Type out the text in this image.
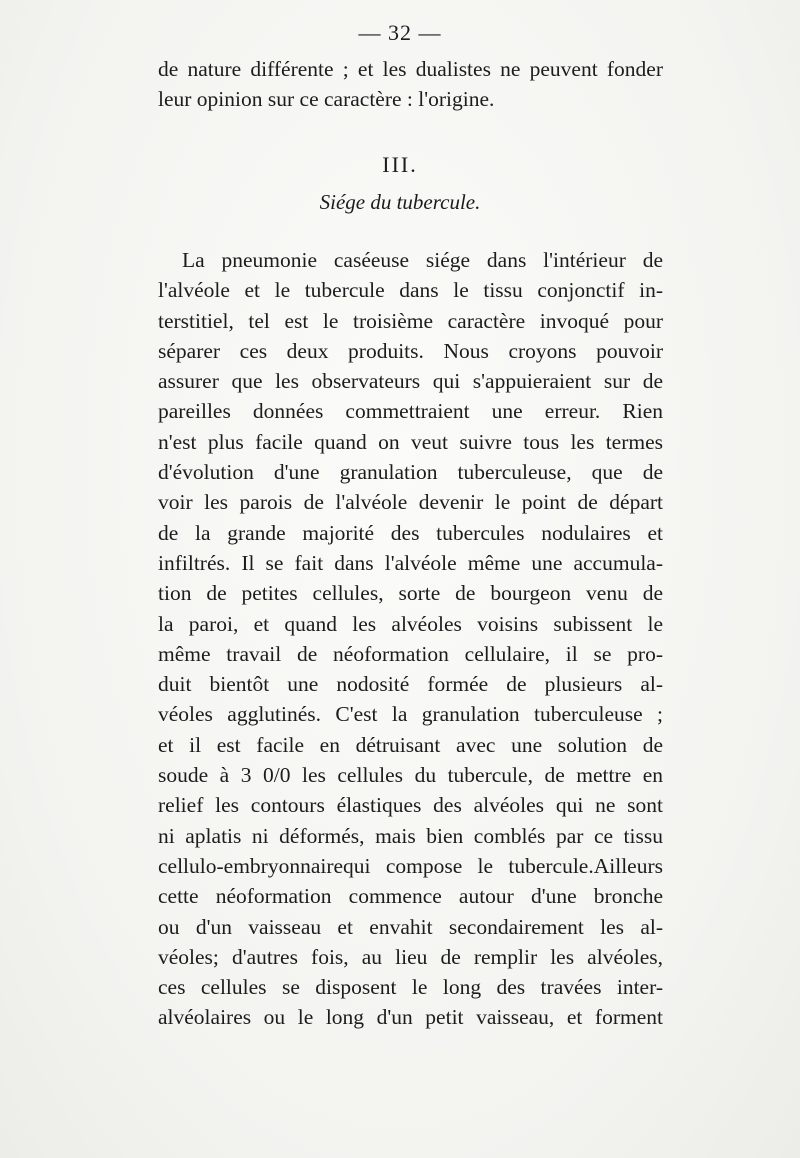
— 32 —
de nature différente ; et les dualistes ne peuvent fonder
leur opinion sur ce caractère : l'origine.
III.
Siége du tubercule.
La pneumonie caséeuse siége dans l'intérieur de
l'alvéole et le tubercule dans le tissu conjonctif in-
terstitiel, tel est le troisième caractère invoqué pour
séparer ces deux produits. Nous croyons pouvoir
assurer que les observateurs qui s'appuieraient sur de
pareilles données commettraient une erreur. Rien
n'est plus facile quand on veut suivre tous les termes
d'évolution d'une granulation tuberculeuse, que de
voir les parois de l'alvéole devenir le point de départ
de la grande majorité des tubercules nodulaires et
infiltrés. Il se fait dans l'alvéole même une accumula-
tion de petites cellules, sorte de bourgeon venu de
la paroi, et quand les alvéoles voisins subissent le
même travail de néoformation cellulaire, il se pro-
duit bientôt une nodosité formée de plusieurs al-
véoles agglutinés. C'est la granulation tuberculeuse ;
et il est facile en détruisant avec une solution de
soude à 3 0/0 les cellules du tubercule, de mettre en
relief les contours élastiques des alvéoles qui ne sont
ni aplatis ni déformés, mais bien comblés par ce tissu
cellulo-embryonnairequi compose le tubercule.Ailleurs
cette néoformation commence autour d'une bronche
ou d'un vaisseau et envahit secondairement les al-
véoles; d'autres fois, au lieu de remplir les alvéoles,
ces cellules se disposent le long des travées inter-
alvéolaires ou le long d'un petit vaisseau, et forment
